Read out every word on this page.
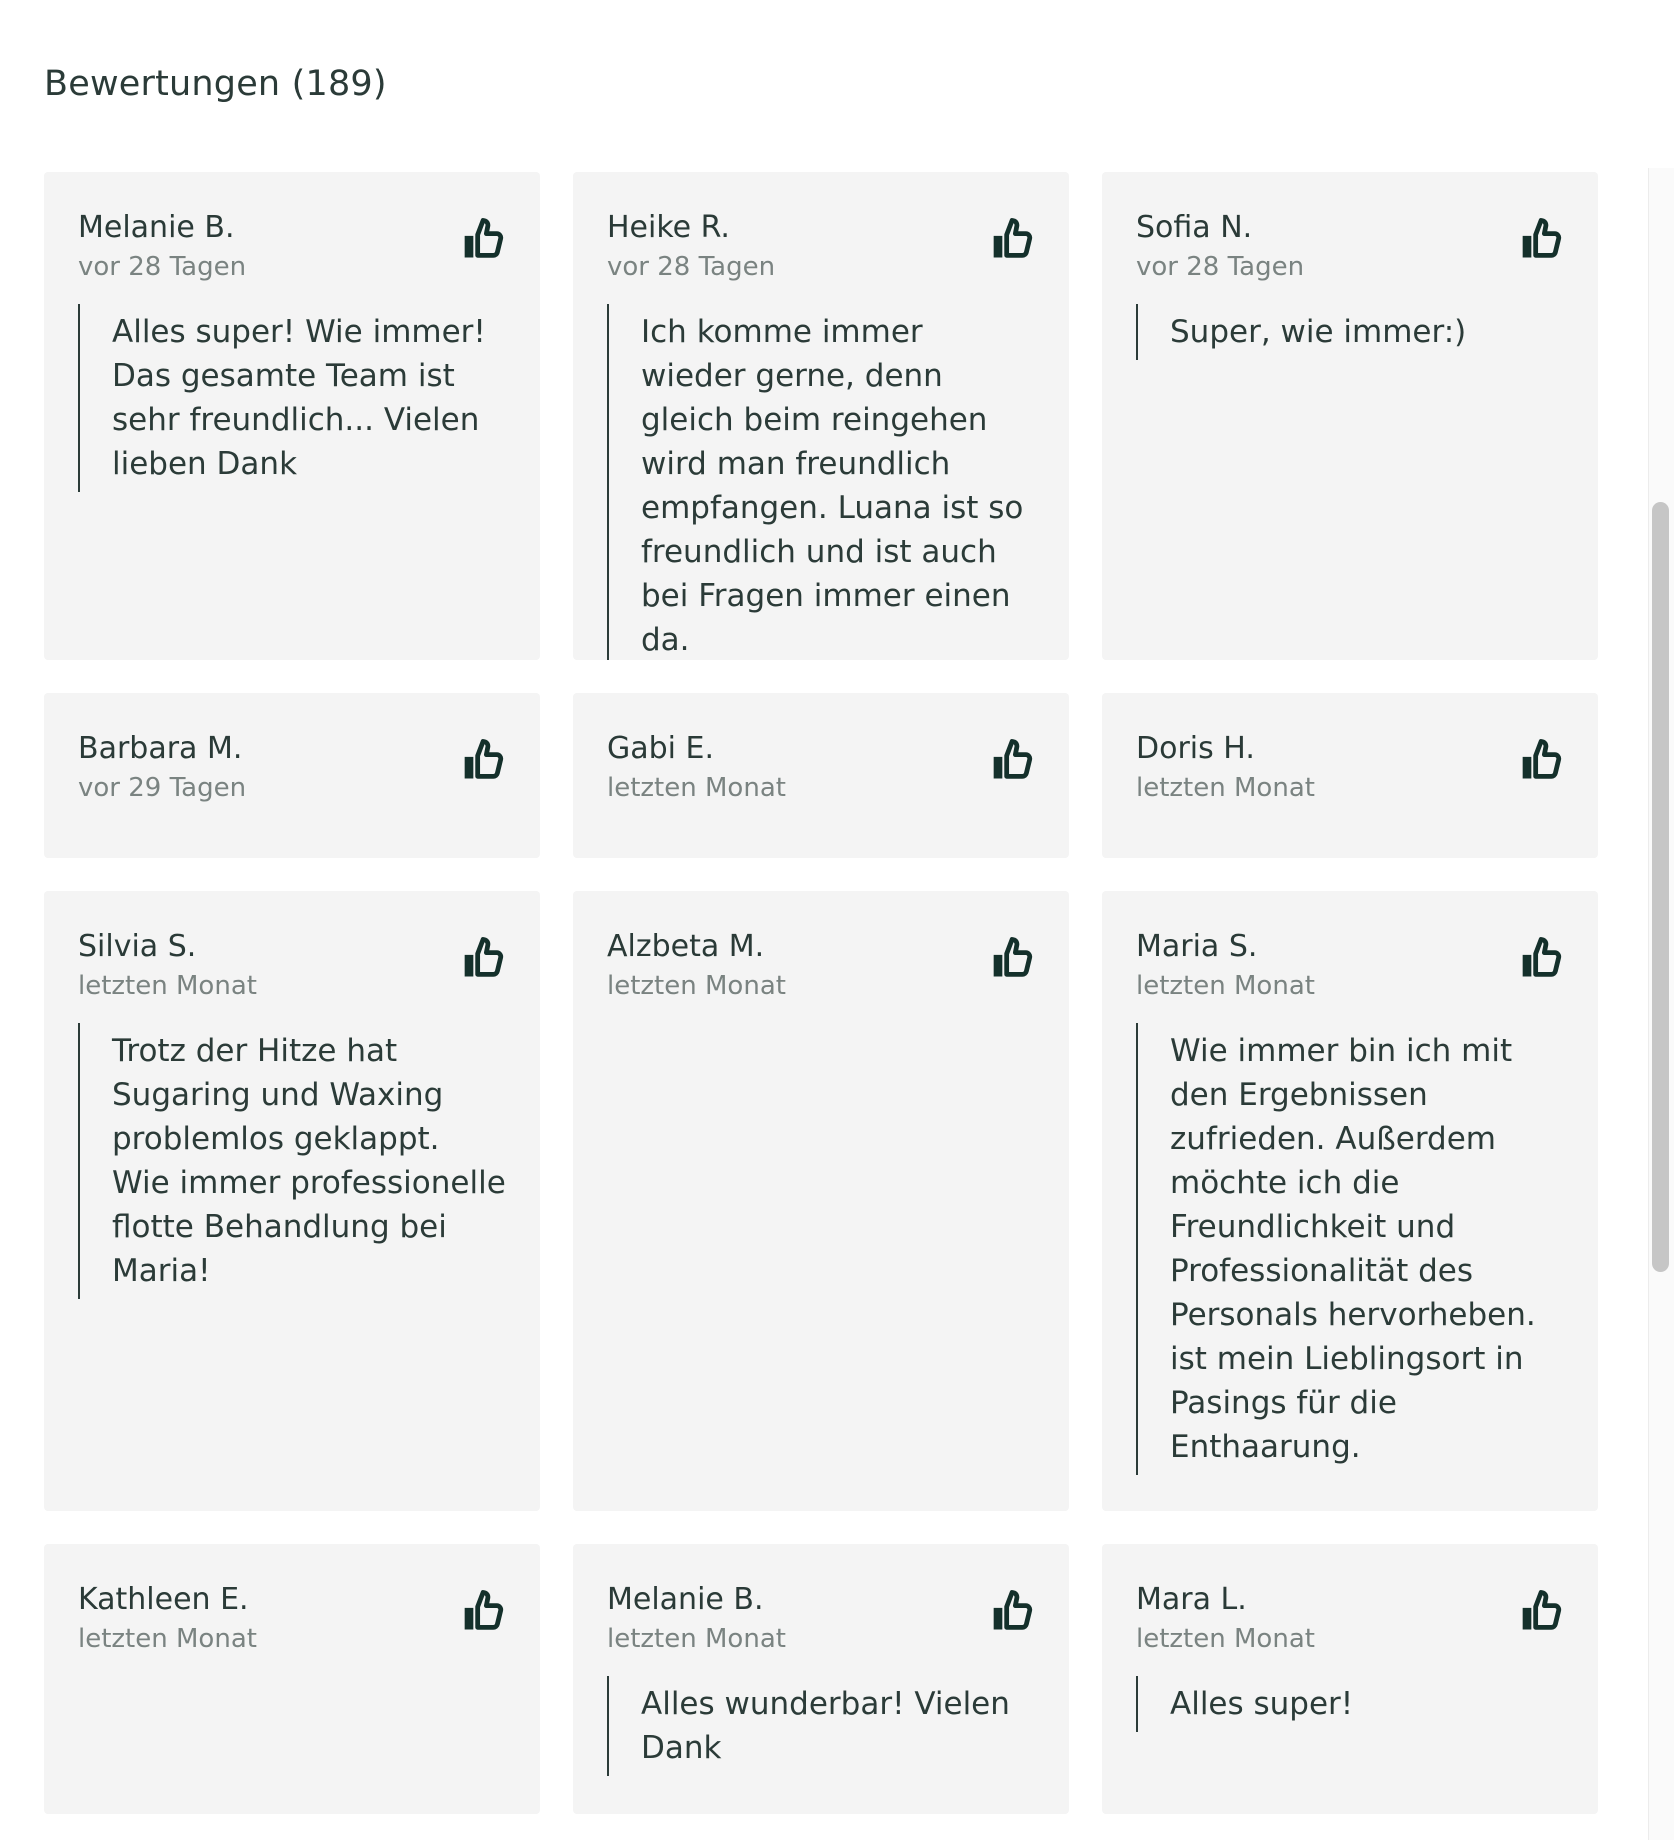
Bewertungen (189)

Melanie B.

vor 28 Tagen

Alles super! Wie immer! Das gesamte Team ist sehr freundlich... Vielen lieben Dank

Heike R.

vor 28 Tagen

Ich komme immer wieder gerne, denn gleich beim reingehen wird man freundlich empfangen. Luana ist so freundlich und ist auch bei Fragen immer einen da.

Sofia N.

vor 28 Tagen

Super, wie immer:)

Barbara M.

vor 29 Tagen

Gabi E.

letzten Monat

Doris H.

letzten Monat

Silvia S.

letzten Monat

Trotz der Hitze hat Sugaring und Waxing problemlos geklappt. Wie immer professionelle flotte Behandlung bei Maria!

Alzbeta M.

letzten Monat

Maria S.

letzten Monat

Wie immer bin ich mit den Ergebnissen zufrieden. Außerdem möchte ich die Freundlichkeit und Professionalität des Personals hervorheben. ist mein Lieblingsort in Pasings für die Enthaarung.

Kathleen E.

letzten Monat

Melanie B.

letzten Monat

Alles wunderbar! Vielen Dank

Mara L.

letzten Monat

Alles super!
